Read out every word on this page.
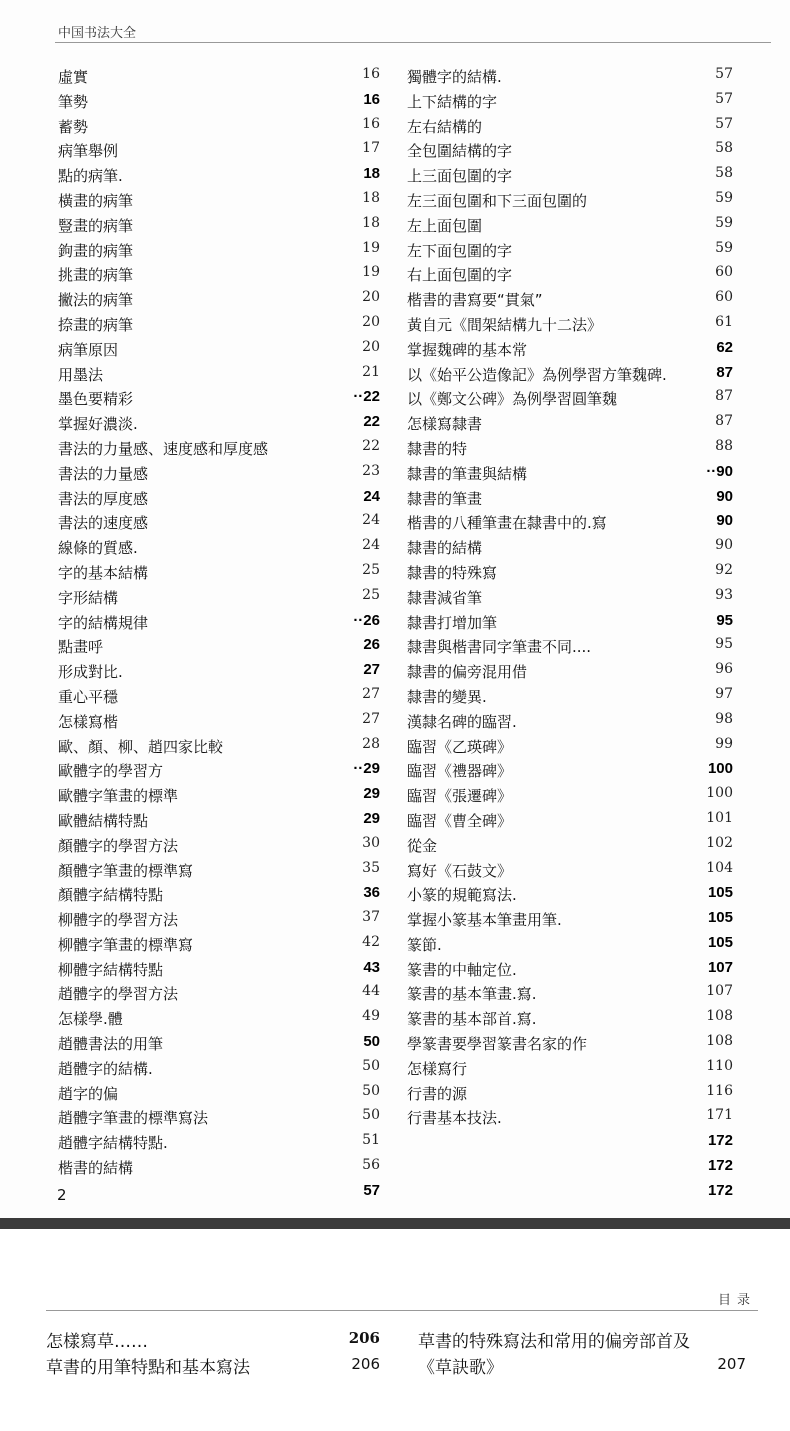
中国书法大全
虛實	16
筆勢	16
蓄勢	16
病筆舉例	17
點的病筆.	18
橫畫的病筆	18
豎畫的病筆	18
鉤畫的病筆	19
挑畫的病筆	19
撇法的病筆	20
捺畫的病筆	20
病筆原因	20
用墨法	21
墨色要精彩	··22
掌握好濃淡.	22
書法的力量感、速度感和厚度感	22
書法的力量感	23
書法的厚度感	24
書法的速度感	24
線條的質感.	24
字的基本結構	25
字形結構	25
字的結構規律	··26
點畫呼	26
形成對比.	27
重心平穩	27
怎樣寫楷	27
歐、顏、柳、趙四家比較	28
歐體字的學習方	··29
歐體字筆畫的標準	29
歐體結構特點	29
顏體字的學習方法	30
顏體字筆畫的標準寫	35
顏體字結構特點	36
柳體字的學習方法	37
柳體字筆畫的標準寫	42
柳體字結構特點	43
趙體字的學習方法	44
怎樣學.體	49
趙體書法的用筆	50
趙體字的結構.	50
趙字的偏	50
趙體字筆畫的標準寫法	50
趙體字結構特點.	51
楷書的結構	56
57
獨體字的結構.	57
上下結構的字	57
左右結構的	57
全包圍結構的字	58
上三面包圍的字	58
左三面包圍和下三面包圍的	59
左上面包圍	59
左下面包圍的字	59
右上面包圍的字	60
楷書的書寫要“貫氣”	60
黃自元《間架結構九十二法》	61
掌握魏碑的基本常	62
以《始平公造像記》為例學習方筆魏碑.	87
以《鄭文公碑》為例學習圓筆魏	87
怎樣寫隸書	87
隸書的特	88
隸書的筆畫與結構	··90
隸書的筆畫	90
楷書的八種筆畫在隸書中的.寫	90
隸書的結構	90
隸書的特殊寫	92
隸書減省筆	93
隸書打增加筆	95
隸書與楷書同字筆畫不同....	95
隸書的偏旁混用借	96
隸書的變異.	97
漢隸名碑的臨習.	98
臨習《乙瑛碑》	99
臨習《禮器碑》	100
臨習《張遷碑》	100
臨習《曹全碑》	101
從金	102
寫好《石鼓文》	104
小篆的規範寫法.	105
掌握小篆基本筆畫用筆.	105
篆節.	105
篆書的中軸定位.	107
篆書的基本筆畫.寫.	107
篆書的基本部首.寫.	108
學篆書要學習篆書名家的作	108
怎樣寫行	110
行書的源	116
行書基本技法.	171
172
172
172
2
目录
怎樣寫草……	206
草書的用筆特點和基本寫法	206
草書的特殊寫法和常用的偏旁部首及
《草訣歌》	207
